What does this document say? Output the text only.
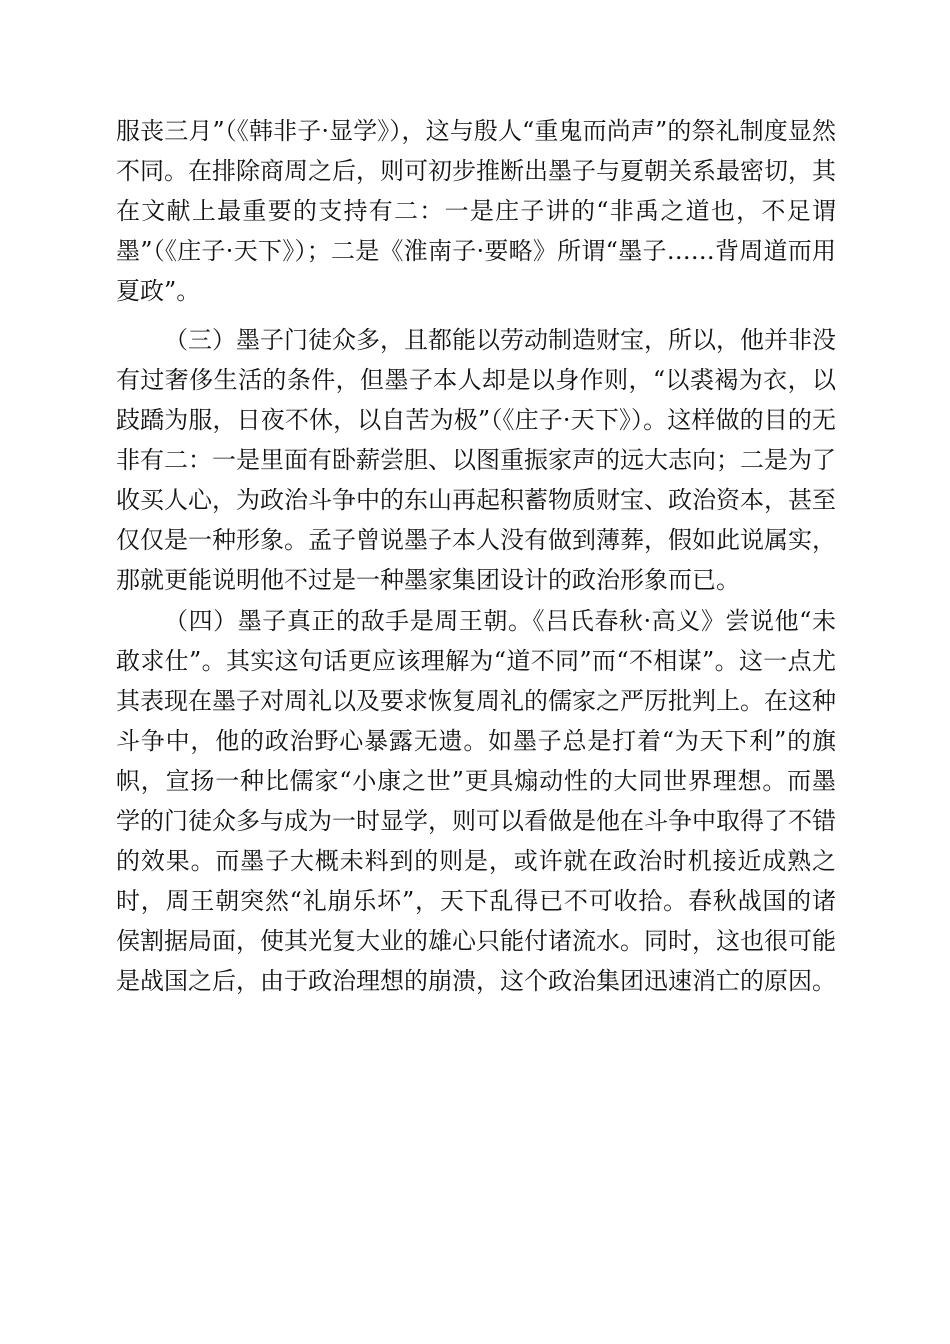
服丧三月”（《韩非子·显学》），这与殷人“重鬼而尚声”的祭礼制度显然不同。在排除商周之后，则可初步推断出墨子与夏朝关系最密切，其在文献上最重要的支持有二：一是庄子讲的“非禹之道也，不足谓墨”（《庄子·天下》）；二是《淮南子·要略》所谓“墨子……背周道而用夏政”。

（三）墨子门徒众多，且都能以劳动制造财宝，所以，他并非没有过奢侈生活的条件，但墨子本人却是以身作则，“以裘褐为衣，以跂蹻为服，日夜不休，以自苦为极”（《庄子·天下》）。这样做的目的无非有二：一是里面有卧薪尝胆、以图重振家声的远大志向；二是为了收买人心，为政治斗争中的东山再起积蓄物质财宝、政治资本，甚至仅仅是一种形象。孟子曾说墨子本人没有做到薄葬，假如此说属实，那就更能说明他不过是一种墨家集团设计的政治形象而已。

（四）墨子真正的敌手是周王朝。《吕氏春秋·高义》尝说他“未敢求仕”。其实这句话更应该理解为“道不同”而“不相谋”。这一点尤其表现在墨子对周礼以及要求恢复周礼的儒家之严厉批判上。在这种斗争中，他的政治野心暴露无遗。如墨子总是打着“为天下利”的旗帜，宣扬一种比儒家“小康之世”更具煽动性的大同世界理想。而墨学的门徒众多与成为一时显学，则可以看做是他在斗争中取得了不错的效果。而墨子大概未料到的则是，或许就在政治时机接近成熟之时，周王朝突然“礼崩乐坏”，天下乱得已不可收拾。春秋战国的诸侯割据局面，使其光复大业的雄心只能付诸流水。同时，这也很可能是战国之后，由于政治理想的崩溃，这个政治集团迅速消亡的原因。
